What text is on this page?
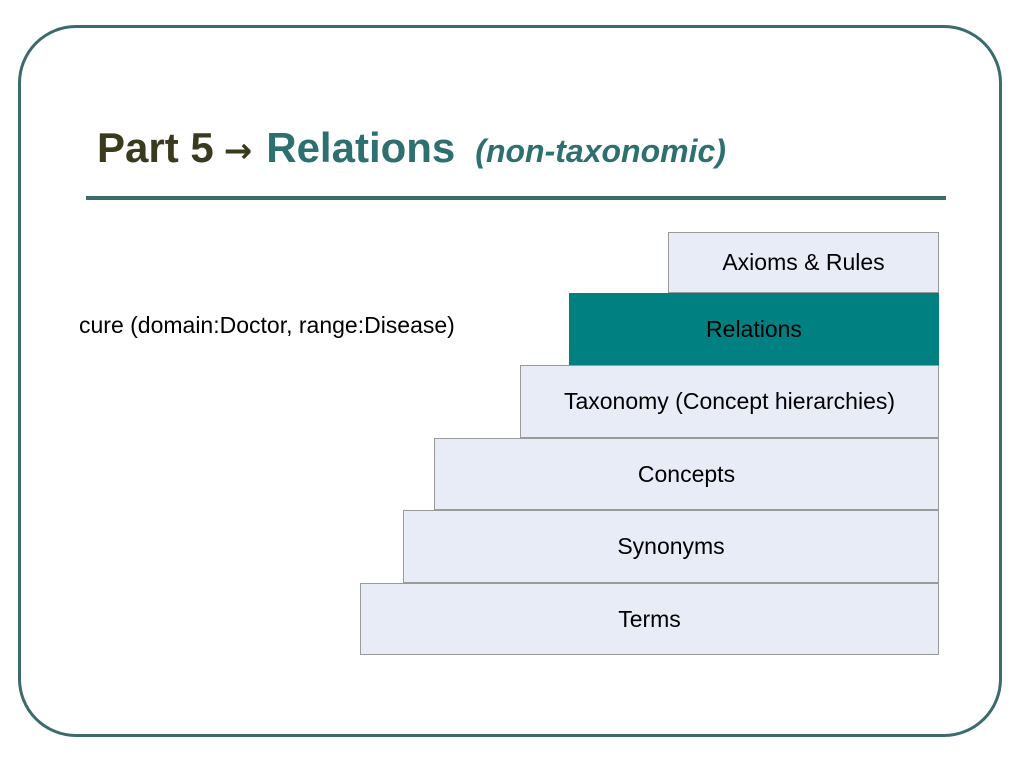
Part 5 → Relations (non-taxonomic)
cure (domain:Doctor, range:Disease)
Axioms & Rules
Relations
Taxonomy (Concept hierarchies)
Concepts
Synonyms
Terms
